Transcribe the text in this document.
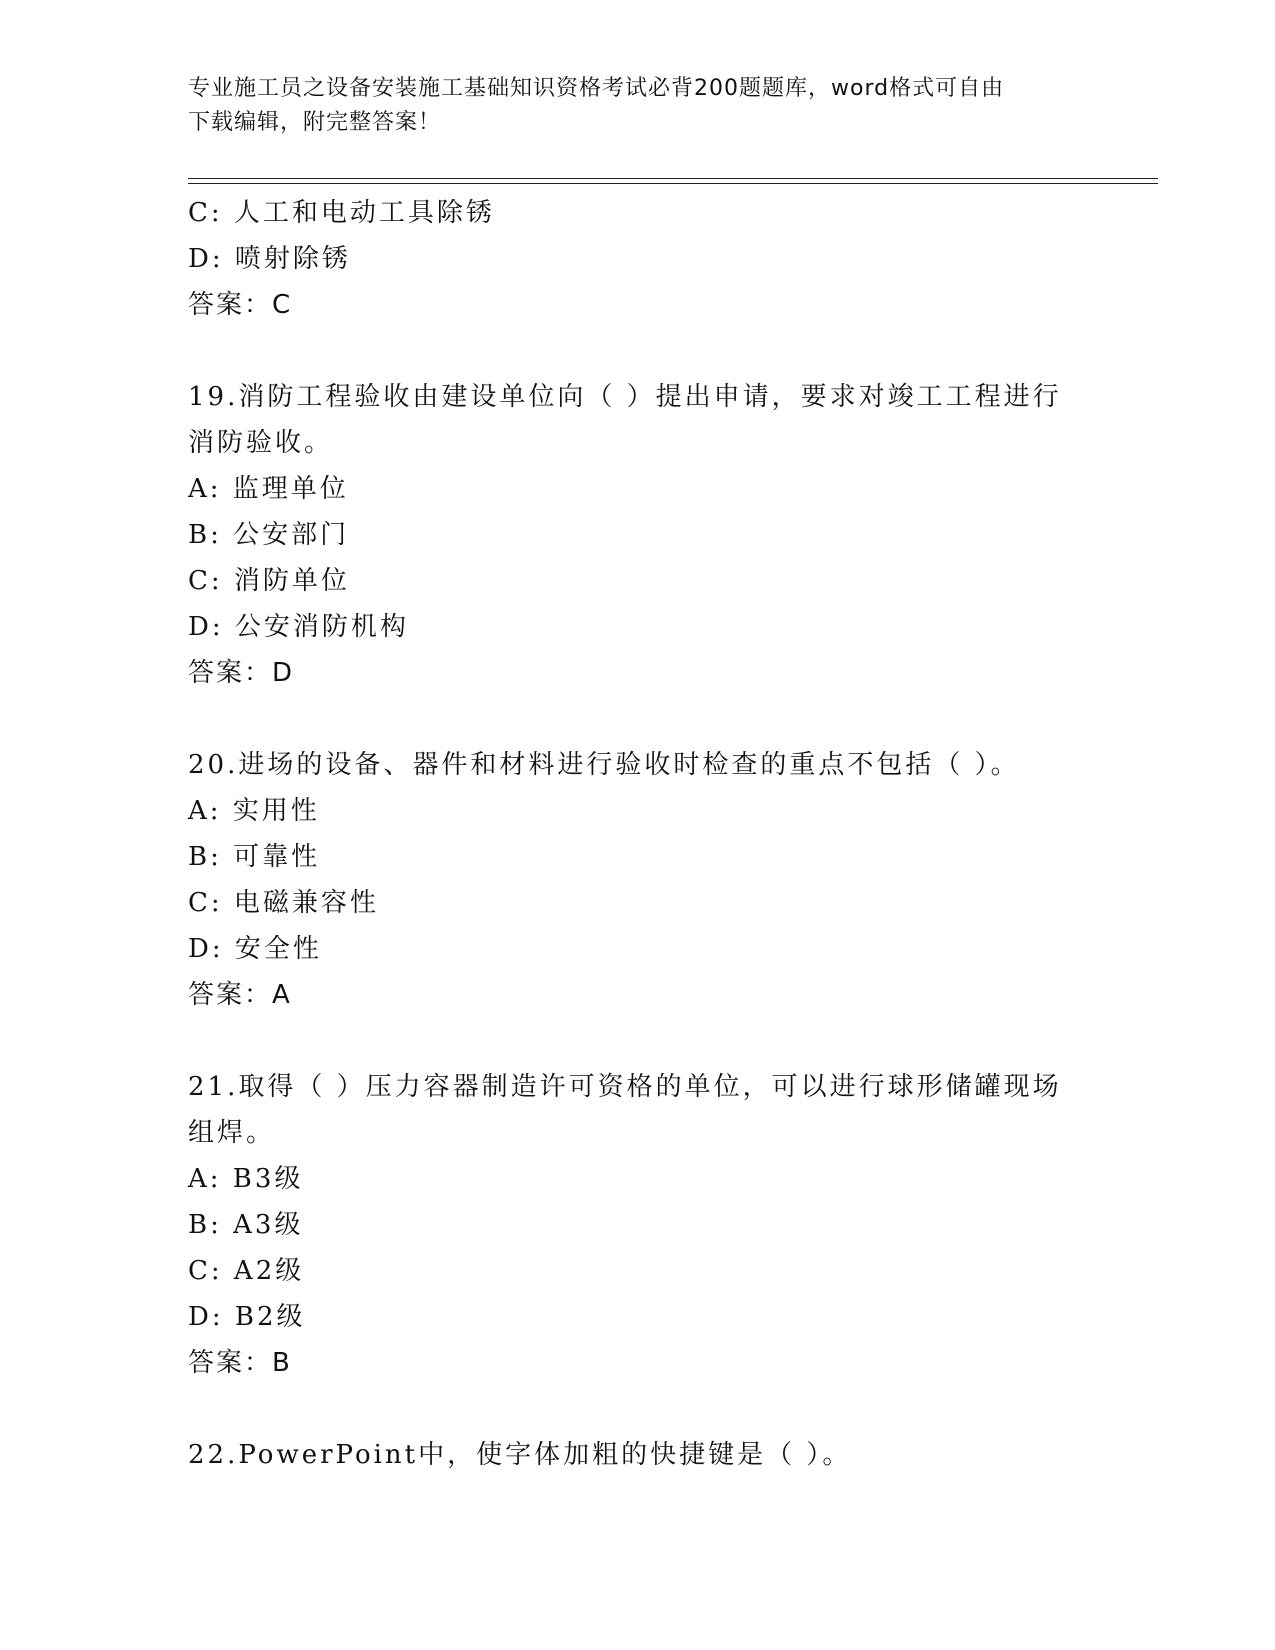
专业施工员之设备安装施工基础知识资格考试必背200题题库，word格式可自由
下载编辑，附完整答案！
C: 人工和电动工具除锈
D: 喷射除锈
答案：C
19.消防工程验收由建设单位向（ ）提出申请，要求对竣工工程进行
消防验收。
A: 监理单位
B: 公安部门
C: 消防单位
D: 公安消防机构
答案：D
20.进场的设备、器件和材料进行验收时检查的重点不包括（ ）。
A: 实用性
B: 可靠性
C: 电磁兼容性
D: 安全性
答案：A
21.取得（ ）压力容器制造许可资格的单位，可以进行球形储罐现场
组焊。
A: B3级
B: A3级
C: A2级
D: B2级
答案：B
22.PowerPoint中，使字体加粗的快捷键是（ ）。
